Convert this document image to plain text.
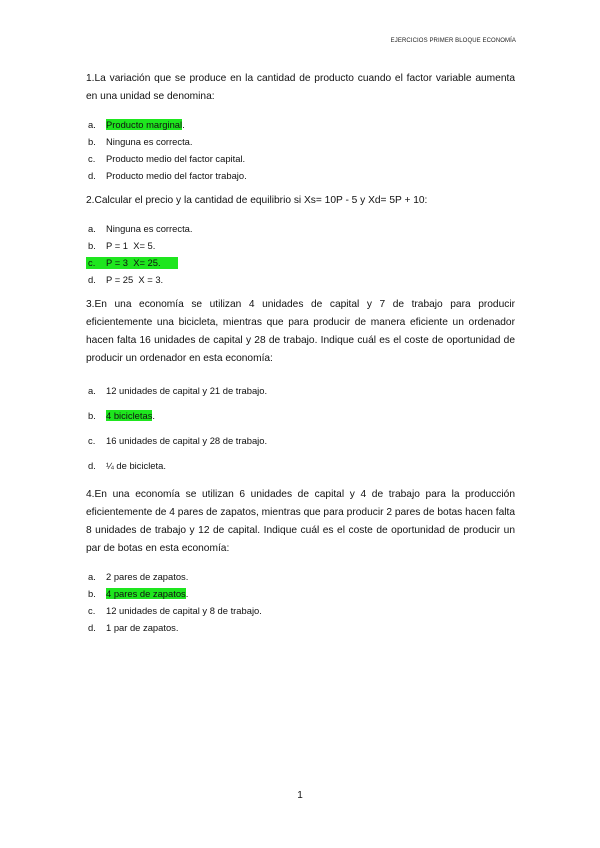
EJERCICIOS PRIMER BLOQUE ECONOMÍA

1.La variación que se produce en la cantidad de producto cuando el factor variable aumenta en una unidad se denomina:

a.	Producto marginal .
b.	Ninguna es correcta.
c.	Producto medio del factor capital.
d.	Producto medio del factor trabajo.

2.Calcular el precio y la cantidad de equilibrio si Xs= 10P - 5 y Xd= 5P + 10:

a.	Ninguna es correcta.
b.	P = 1  X= 5.
c.	P = 3  X= 25.
d.	P = 25  X = 3.

3.En una economía se utilizan 4 unidades de capital y 7 de trabajo para producir eficientemente una bicicleta, mientras que para producir de manera eficiente un ordenador hacen falta 16 unidades de capital y 28 de trabajo. Indique cuál es el coste de oportunidad de producir un ordenador en esta economía:

a.	12 unidades de capital y 21 de trabajo.
b.	4 bicicletas .
c.	16 unidades de capital y 28 de trabajo.
d.	¼ de bicicleta.

4.En una economía se utilizan 6 unidades de capital y 4 de trabajo para la producción eficientemente de 4 pares de zapatos, mientras que para producir 2 pares de botas hacen falta 8 unidades de trabajo y 12 de capital. Indique cuál es el coste de oportunidad de producir un par de botas en esta economía:

a.	2 pares de zapatos.
b.	4 pares de zapatos .
c.	12 unidades de capital y 8 de trabajo.
d.	1 par de zapatos.
1
